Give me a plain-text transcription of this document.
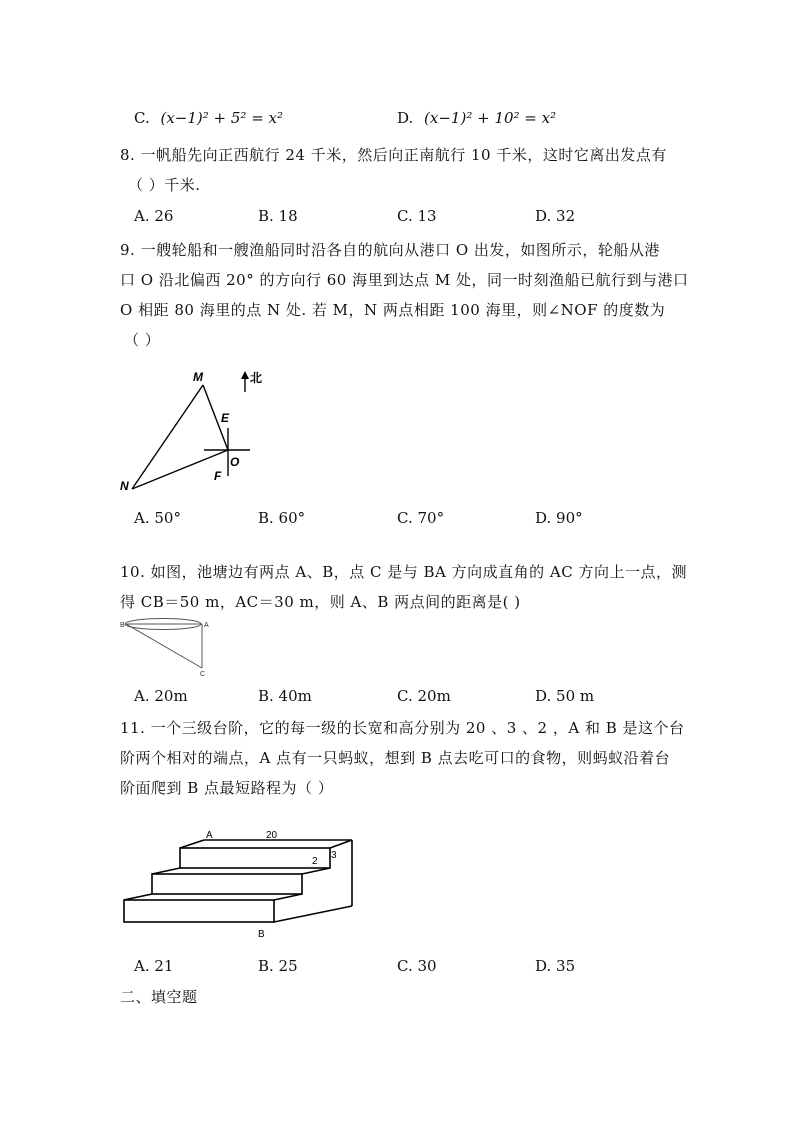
C. (x−1)² + 5² = x²	D. (x−1)² + 10² = x²
8. 一帆船先向正西航行 24 千米，然后向正南航行 10 千米，这时它离出发点有
（ ）千米.
A. 26	B. 18	C. 13	D. 32
9. 一艘轮船和一艘渔船同时沿各自的航向从港口 O 出发，如图所示，轮船从港
口 O 沿北偏西 20° 的方向行 60 海里到达点 M 处，同一时刻渔船已航行到与港口
O 相距 80 海里的点 N 处. 若 M，N 两点相距 100 海里，则∠NOF 的度数为
（ ）
北
M
N
E
O
F
A. 50°	B. 60°	C. 70°	D. 90°
10. 如图，池塘边有两点 A、B，点 C 是与 BA 方向成直角的 AC 方向上一点，测
得 CB＝50 m，AC＝30 m，则 A、B 两点间的距离是( )
B	A
C
A. 20m	B. 40m	C. 20m	D. 50 m
11. 一个三级台阶，它的每一级的长宽和高分别为 20 、3 、2 ，A 和 B 是这个台
阶两个相对的端点，A 点有一只蚂蚁，想到 B 点去吃可口的食物，则蚂蚁沿着台
阶面爬到 B 点最短路程为（ ）
A	20
2
3
B
A. 21	B. 25	C. 30	D. 35
二、填空题
